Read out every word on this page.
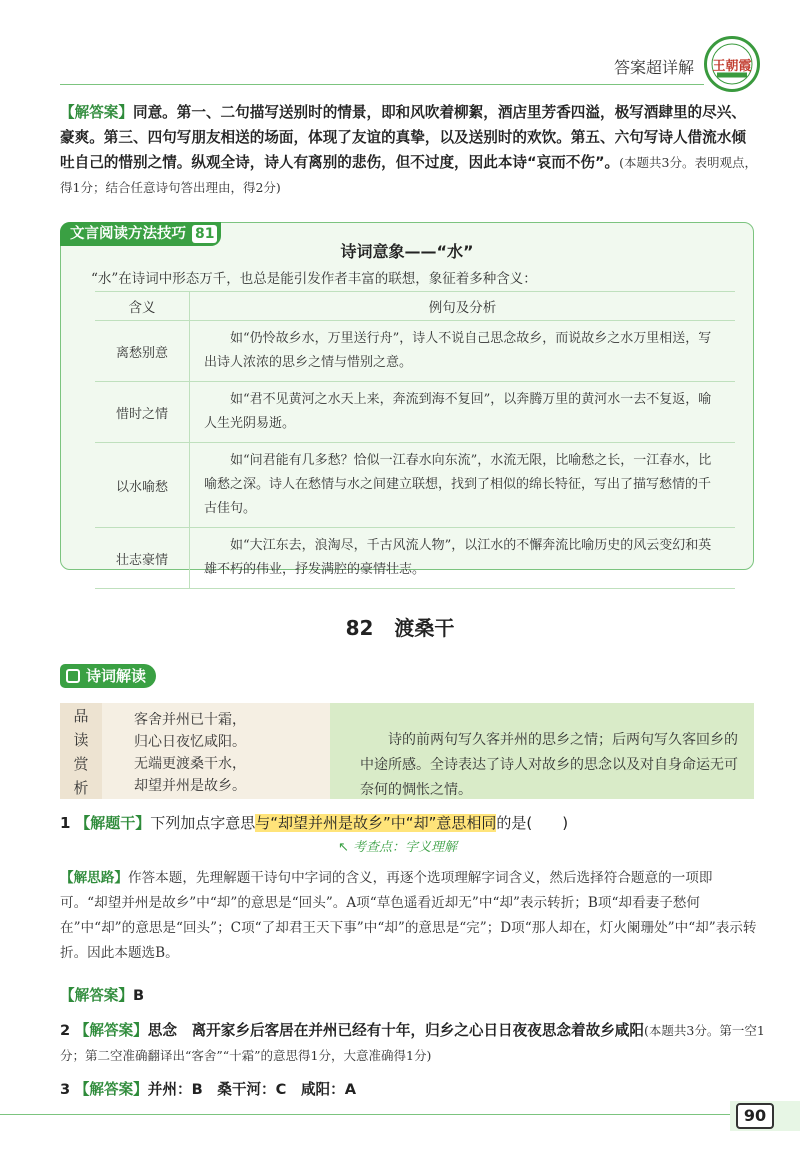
答案超详解 王朝霞
【解答案】同意。第一、二句描写送别时的情景，即和风吹着柳絮，酒店里芳香四溢，极写酒肆里的尽兴、豪爽。第三、四句写朋友相送的场面，体现了友谊的真挚，以及送别时的欢饮。第五、六句写诗人借流水倾吐自己的惜别之情。纵观全诗，诗人有离别的悲伤，但不过度，因此本诗“哀而不伤”。(本题共3分。表明观点，得1分；结合任意诗句答出理由，得2分)
文言阅读方法技巧 81
诗词意象——“水”
“水”在诗词中形态万千，也总是能引发作者丰富的联想，象征着多种含义：
含义	例句及分析
离愁别意	如“仍怜故乡水，万里送行舟”，诗人不说自己思念故乡，而说故乡之水万里相送，写出诗人浓浓的思乡之情与惜别之意。
惜时之情	如“君不见黄河之水天上来，奔流到海不复回”，以奔腾万里的黄河水一去不复返，喻人生光阴易逝。
以水喻愁	如“问君能有几多愁？恰似一江春水向东流”，水流无限，比喻愁之长，一江春水，比喻愁之深。诗人在愁情与水之间建立联想，找到了相似的绵长特征，写出了描写愁情的千古佳句。
壮志豪情	如“大江东去，浪淘尽，千古风流人物”，以江水的不懈奔流比喻历史的风云变幻和英雄不朽的伟业，抒发满腔的豪情壮志。
82 渡桑干
诗词解读
品
读
赏
析
客舍并州已十霜，
归心日夜忆咸阳。
无端更渡桑干水，
却望并州是故乡。
诗的前两句写久客并州的思乡之情；后两句写久客回乡的中途所感。全诗表达了诗人对故乡的思念以及对自身命运无可奈何的惆怅之情。
1 【解题干】下列加点字意思与“却望并州是故乡”中“却”意思相同的是(　　)
↖ 考查点：字义理解
【解思路】作答本题，先理解题干诗句中字词的含义，再逐个选项理解字词含义，然后选择符合题意的一项即可。“却望并州是故乡”中“却”的意思是“回头”。A项“草色遥看近却无”中“却”表示转折；B项“却看妻子愁何在”中“却”的意思是“回头”；C项“了却君王天下事”中“却”的意思是“完”；D项“那人却在，灯火阑珊处”中“却”表示转折。因此本题选B。
【解答案】B
2 【解答案】思念　离开家乡后客居在并州已经有十年，归乡之心日日夜夜思念着故乡咸阳(本题共3分。第一空1分；第二空准确翻译出“客舍”“十霜”的意思得1分，大意准确得1分)
3 【解答案】并州：B　桑干河：C　咸阳：A
90
